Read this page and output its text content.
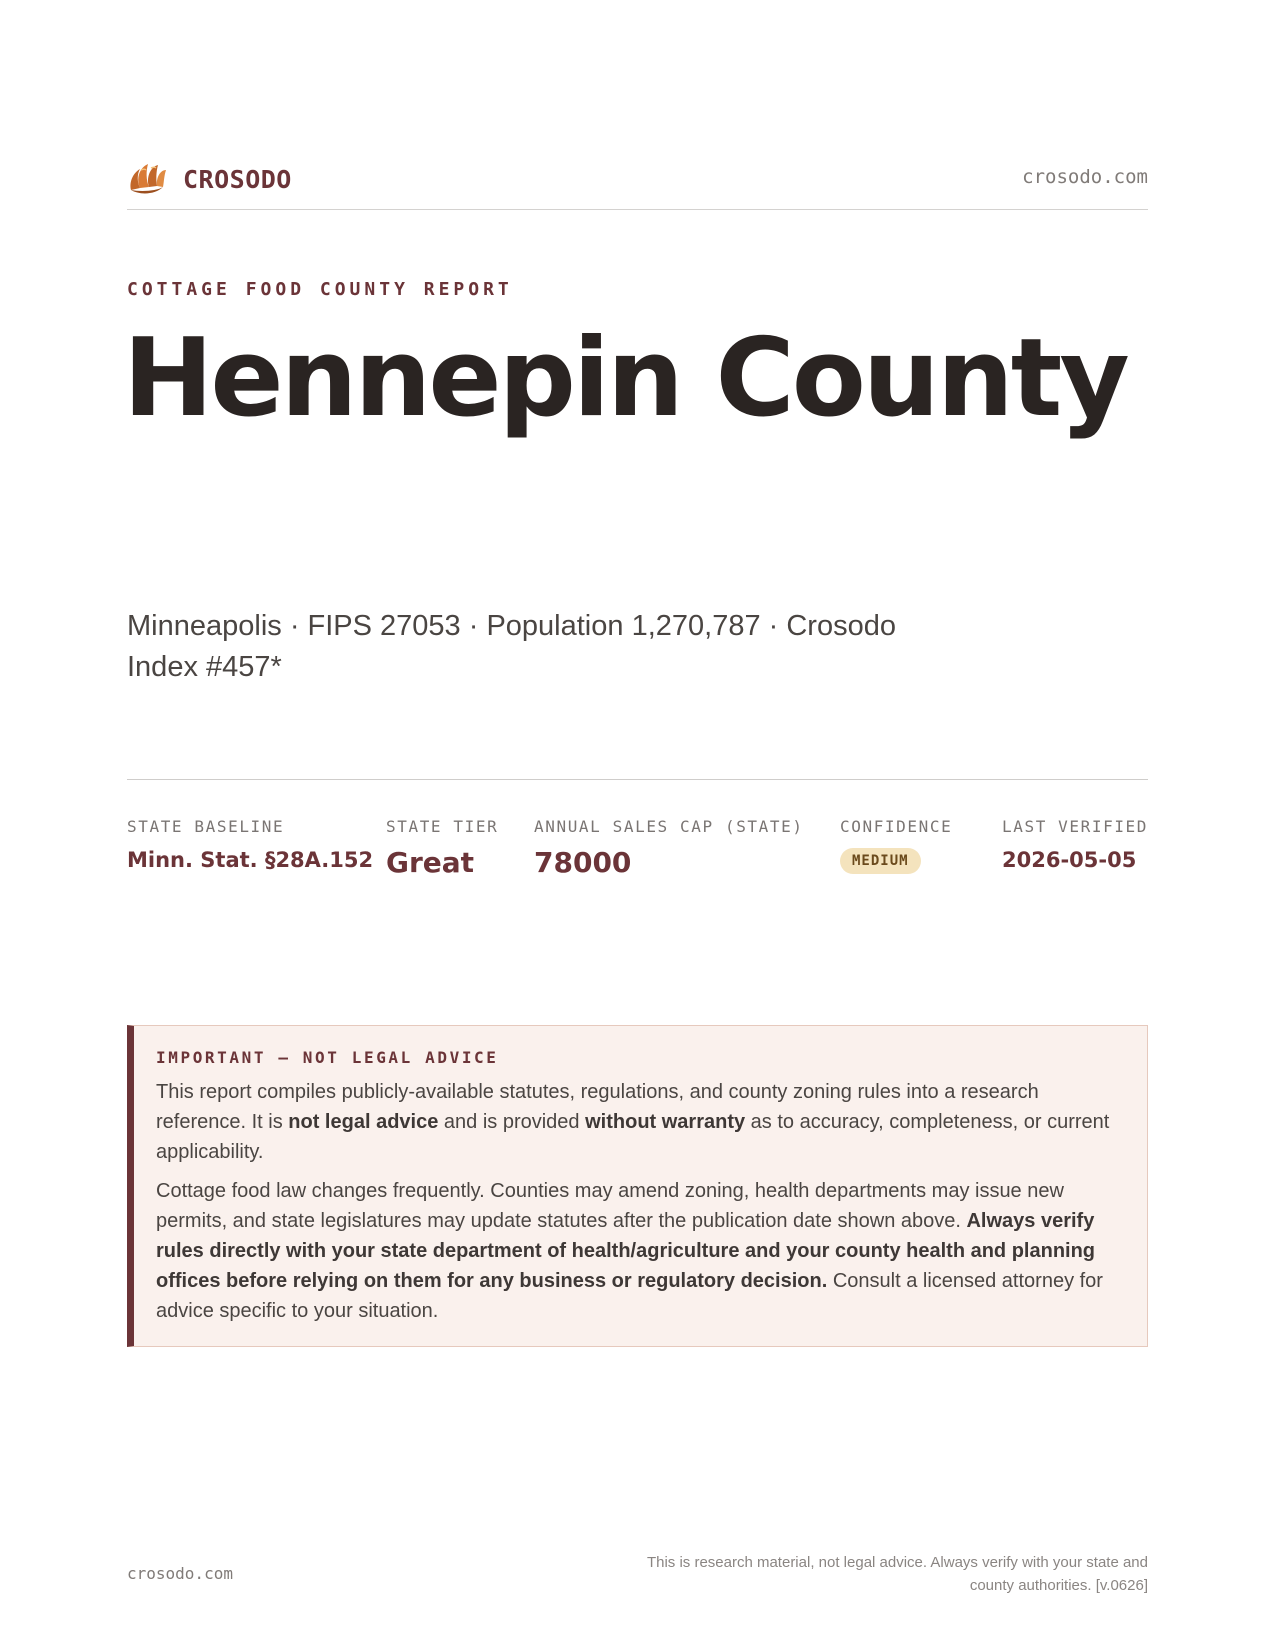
CROSODO	crosodo.com
COTTAGE FOOD COUNTY REPORT
Hennepin County

Minneapolis · FIPS 27053 · Population 1,270,787 · Crosodo Index #457*

STATE BASELINE
Minn. Stat. §28A.152
STATE TIER
Great
ANNUAL SALES CAP (STATE)
78000
CONFIDENCE
MEDIUM
LAST VERIFIED
2026-05-05
IMPORTANT — NOT LEGAL ADVICE

This report compiles publicly-available statutes, regulations, and county zoning rules into a research reference. It is not legal advice and is provided without warranty as to accuracy, completeness, or current applicability.

Cottage food law changes frequently. Counties may amend zoning, health departments may issue new permits, and state legislatures may update statutes after the publication date shown above. Always verify rules directly with your state department of health/agriculture and your county health and planning offices before relying on them for any business or regulatory decision. Consult a licensed attorney for advice specific to your situation.

crosodo.com

This is research material, not legal advice. Always verify with your state and county authorities. [v.0626]
